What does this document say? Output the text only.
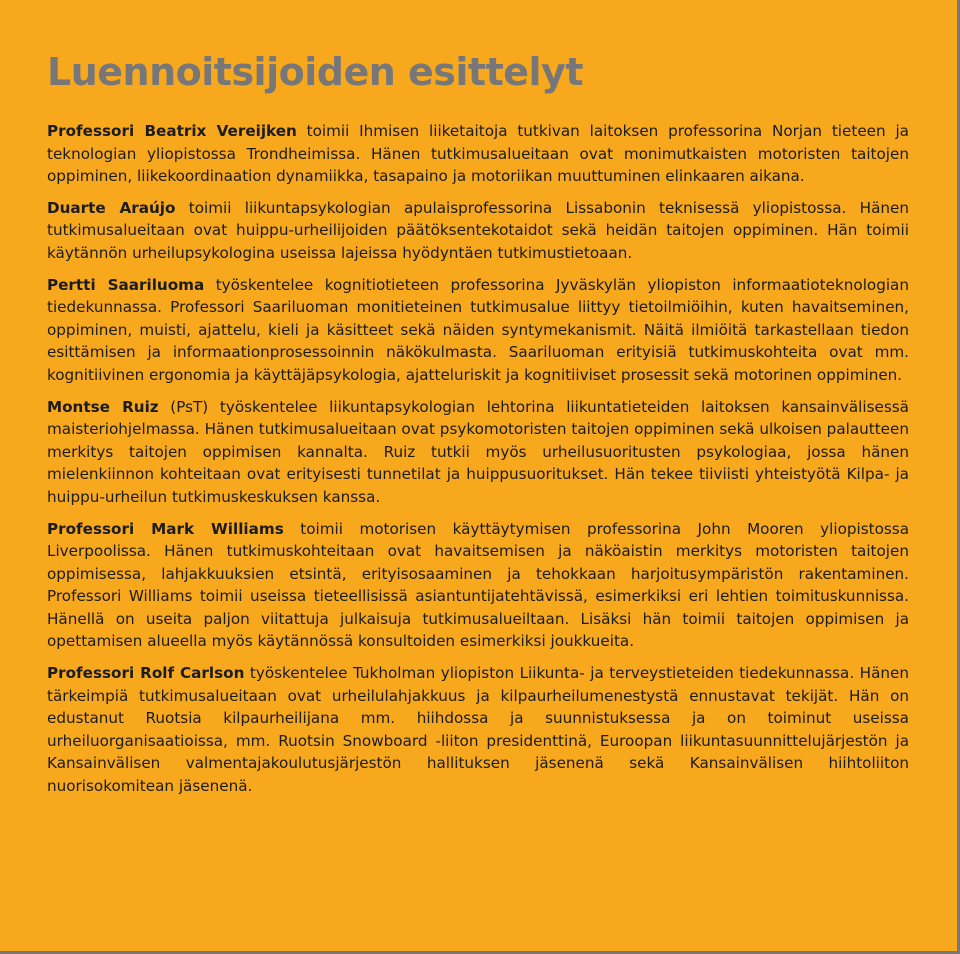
Luennoitsijoiden esittelyt

Professori Beatrix Vereijken toimii Ihmisen liiketaitoja tutkivan laitoksen professorina Norjan tieteen ja teknologian yliopistossa Trondheimissa. Hänen tutkimusalueitaan ovat monimutkaisten motoristen taitojen oppiminen, liikekoordinaation dynamiikka, tasapaino ja motoriikan muuttuminen elinkaaren aikana.

Duarte Araújo toimii liikuntapsykologian apulaisprofessorina Lissabonin teknisessä yliopistossa. Hänen tutkimusalueitaan ovat huippu-urheilijoiden päätöksentekotaidot sekä heidän taitojen oppiminen. Hän toimii käytännön urheilupsykologina useissa lajeissa hyödyntäen tutkimustietoaan.

Pertti Saariluoma työskentelee kognitiotieteen professorina Jyväskylän yliopiston informaatioteknologian tiedekunnassa. Professori Saariluoman monitieteinen tutkimusalue liittyy tietoilmiöihin, kuten havaitseminen, oppiminen, muisti, ajattelu, kieli ja käsitteet sekä näiden syntymekanismit. Näitä ilmiöitä tarkastellaan tiedon esittämisen ja informaationprosessoinnin näkökulmasta. Saariluoman erityisiä tutkimuskohteita ovat mm. kognitiivinen ergonomia ja käyttäjäpsykologia, ajatteluriskit ja kognitiiviset prosessit sekä motorinen oppiminen.

Montse Ruiz (PsT) työskentelee liikuntapsykologian lehtorina liikuntatieteiden laitoksen kansainvälisessä maisteriohjelmassa. Hänen tutkimusalueitaan ovat psykomotoristen taitojen oppiminen sekä ulkoisen palautteen merkitys taitojen oppimisen kannalta. Ruiz tutkii myös urheilusuoritusten psykologiaa, jossa hänen mielenkiinnon kohteitaan ovat erityisesti tunnetilat ja huippusuoritukset. Hän tekee tiiviisti yhteistyötä Kilpa- ja huippu-urheilun tutkimuskeskuksen kanssa.

Professori Mark Williams toimii motorisen käyttäytymisen professorina John Mooren yliopistossa Liverpoolissa. Hänen tutkimuskohteitaan ovat havaitsemisen ja näköaistin merkitys motoristen taitojen oppimisessa, lahjakkuuksien etsintä, erityisosaaminen ja tehokkaan harjoitusympäristön rakentaminen. Professori Williams toimii useissa tieteellisissä asiantuntijatehtävissä, esimerkiksi eri lehtien toimituskunnissa. Hänellä on useita paljon viitattuja julkaisuja tutkimusalueiltaan. Lisäksi hän toimii taitojen oppimisen ja opettamisen alueella myös käytännössä konsultoiden esimerkiksi joukkueita.

Professori Rolf Carlson työskentelee Tukholman yliopiston Liikunta- ja terveystieteiden tiedekunnassa. Hänen tärkeimpiä tutkimusalueitaan ovat urheilulahjakkuus ja kilpaurheilumenestystä ennustavat tekijät. Hän on edustanut Ruotsia kilpaurheilijana mm. hiihdossa ja suunnistuksessa ja on toiminut useissa urheiluorganisaatioissa, mm. Ruotsin Snowboard -liiton presidenttinä, Euroopan liikuntasuunnittelujärjestön ja Kansainvälisen valmentajakoulutusjärjestön hallituksen jäsenenä sekä Kansainvälisen hiihtoliiton nuorisokomitean jäsenenä.
